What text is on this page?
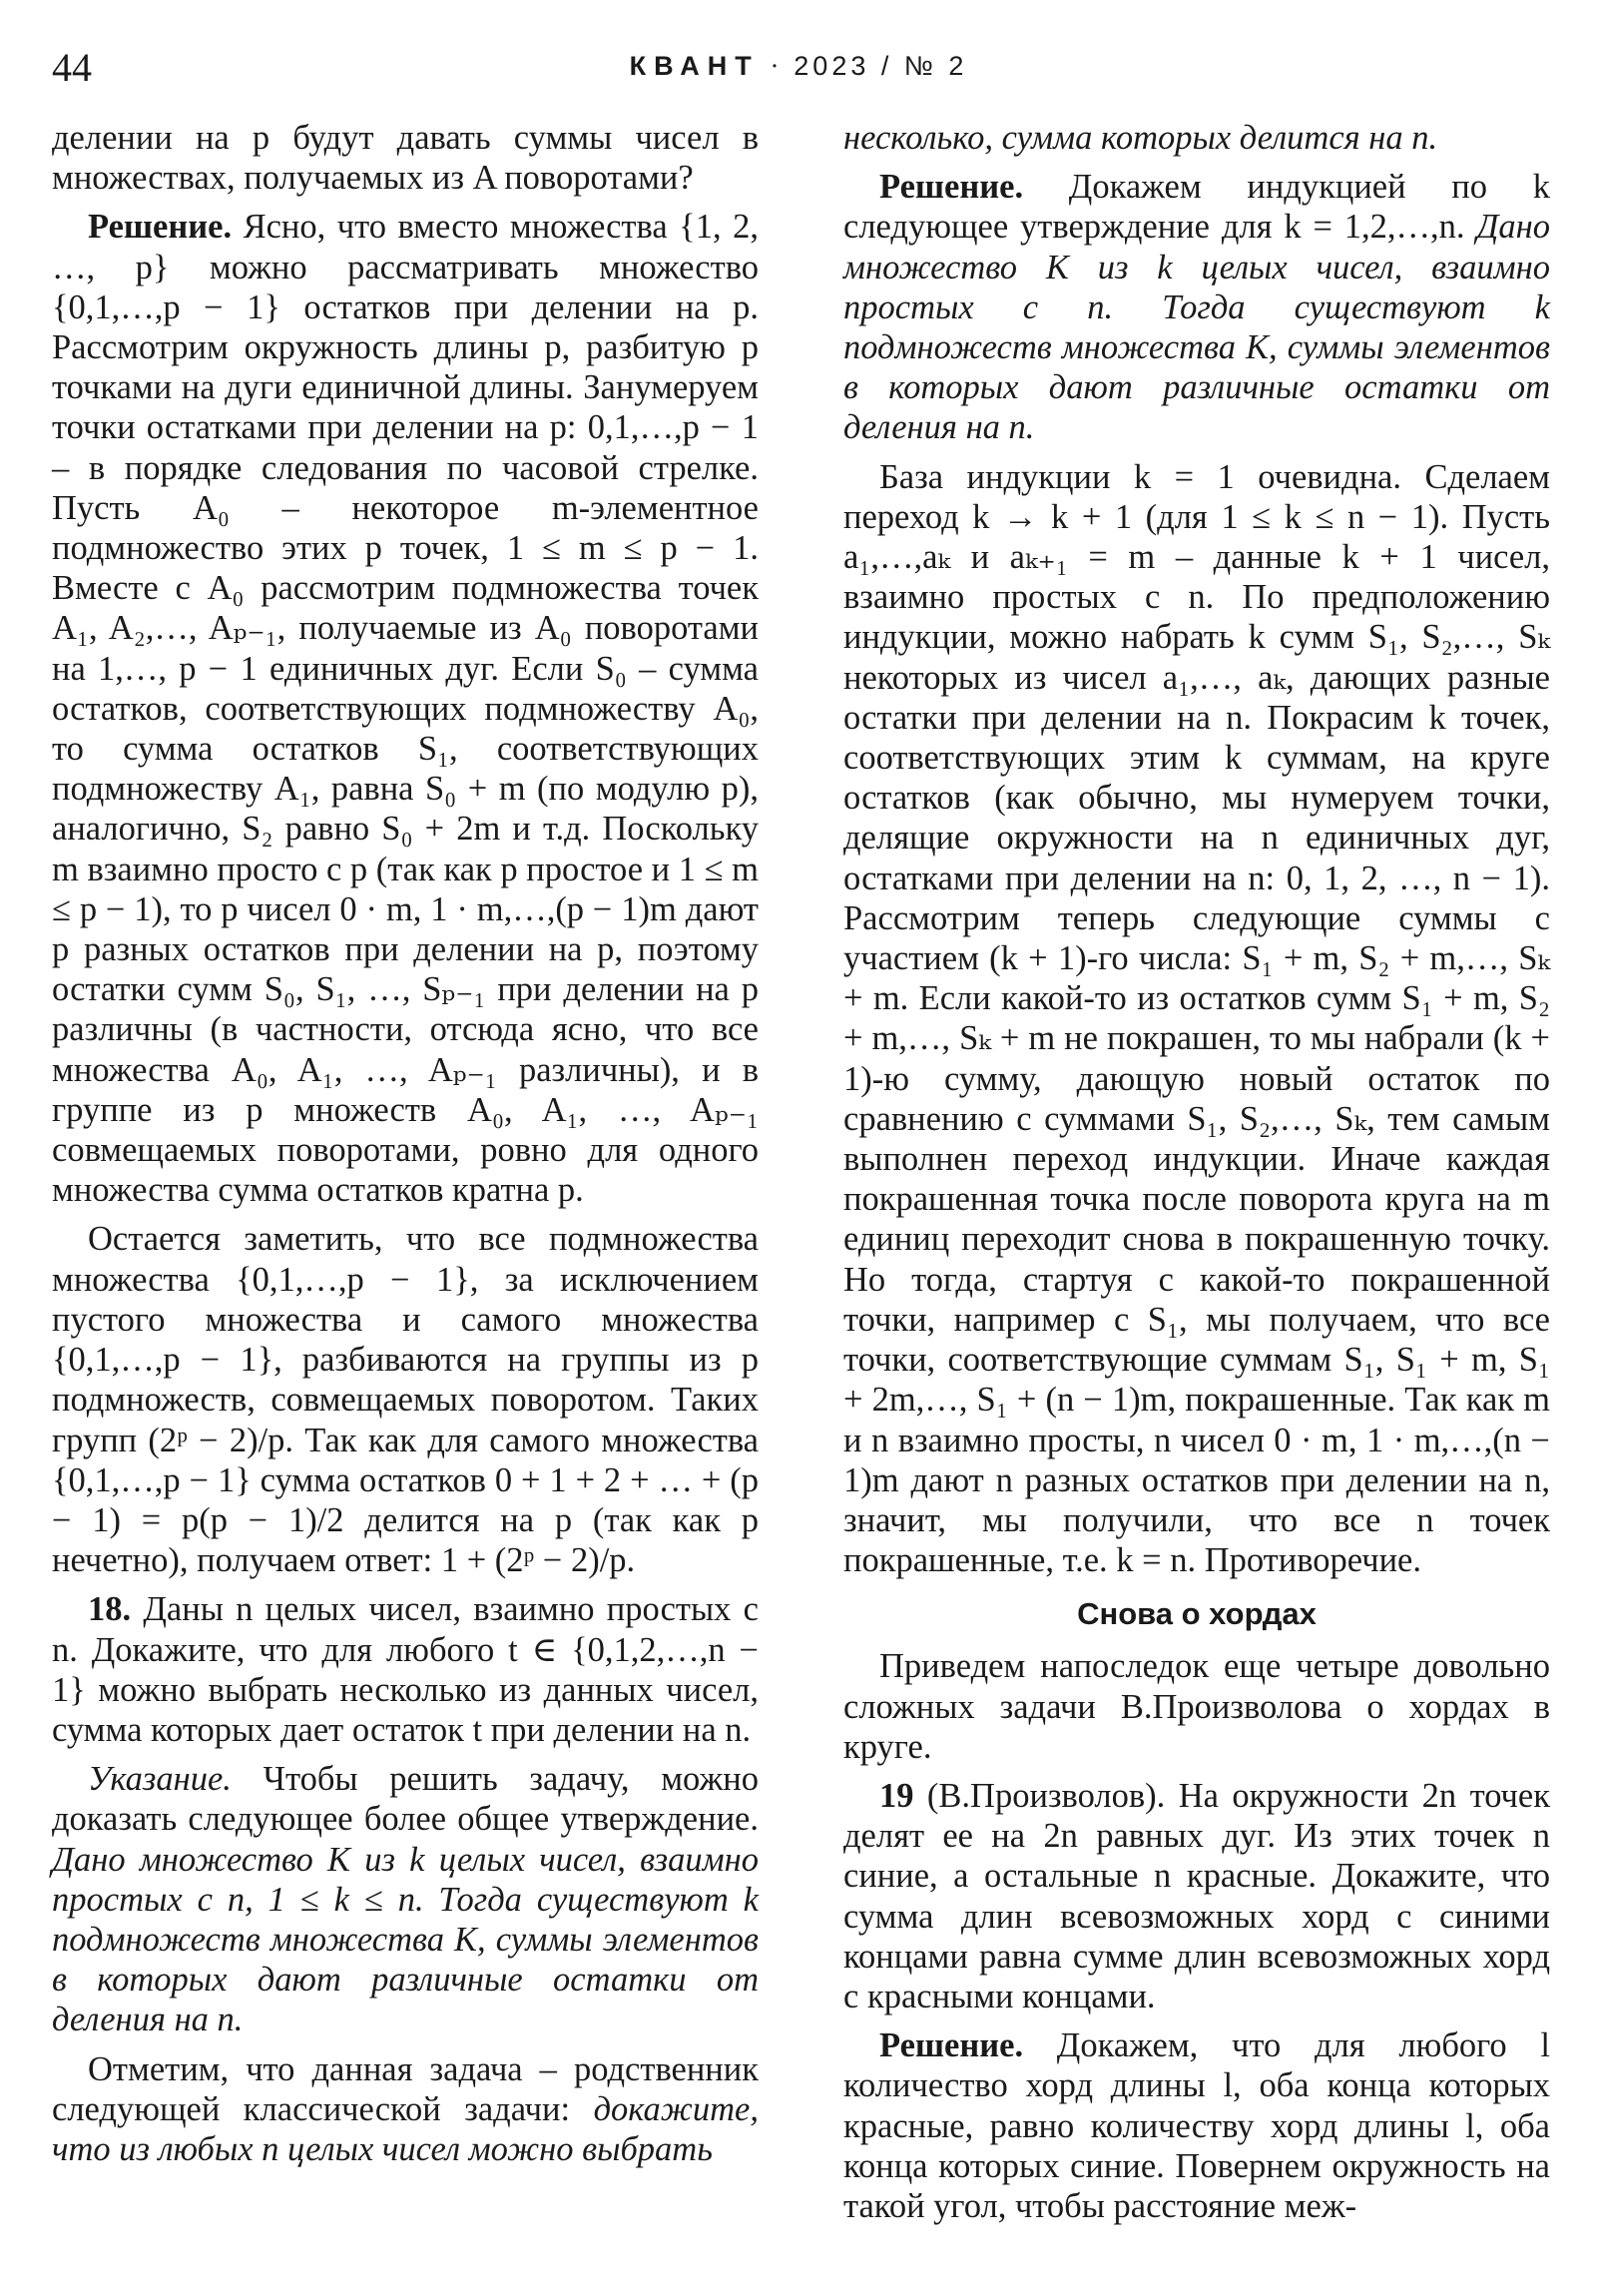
44	КВАНТ · 2023 / № 2

делении на p будут давать суммы чисел в множествах, получаемых из A поворотами?

Решение. Ясно, что вместо множества {1, 2, …, p} можно рассматривать множество {0,1,…,p − 1} остатков при делении на p. Рассмотрим окружность длины p, разбитую p точками на дуги единичной длины. Занумеруем точки остатками при делении на p: 0,1,…,p − 1 – в порядке следования по часовой стрелке. Пусть A₀ – некоторое m-элементное подмножество этих p точек, 1 ≤ m ≤ p − 1. Вместе с A₀ рассмотрим подмножества точек A₁, A₂,…, Aₚ₋₁, получаемые из A₀ поворотами на 1,…, p − 1 единичных дуг. Если S₀ – сумма остатков, соответствующих подмножеству A₀, то сумма остатков S₁, соответствующих подмножеству A₁, равна S₀ + m (по модулю p), аналогично, S₂ равно S₀ + 2m и т.д. Поскольку m взаимно просто с p (так как p простое и 1 ≤ m ≤ p − 1), то p чисел 0 · m, 1 · m,…,(p − 1)m дают p разных остатков при делении на p, поэтому остатки сумм S₀, S₁, …, Sₚ₋₁ при делении на p различны (в частности, отсюда ясно, что все множества A₀, A₁, …, Aₚ₋₁ различны), и в группе из p множеств A₀, A₁, …, Aₚ₋₁ совмещаемых поворотами, ровно для одного множества сумма остатков кратна p.

Остается заметить, что все подмножества множества {0,1,…,p − 1}, за исключением пустого множества и самого множества {0,1,…,p − 1}, разбиваются на группы из p подмножеств, совмещаемых поворотом. Таких групп (2ᵖ − 2)/p. Так как для самого множества {0,1,…,p − 1} сумма остатков 0 + 1 + 2 + … + (p − 1) = p(p − 1)/2 делится на p (так как p нечетно), получаем ответ: 1 + (2ᵖ − 2)/p.

18. Даны n целых чисел, взаимно простых с n. Докажите, что для любого t ∈ {0,1,2,…,n − 1} можно выбрать несколько из данных чисел, сумма которых дает остаток t при делении на n.

Указание. Чтобы решить задачу, можно доказать следующее более общее утверждение. Дано множество K из k целых чисел, взаимно простых с n, 1 ≤ k ≤ n. Тогда существуют k подмножеств множества K, суммы элементов в которых дают различные остатки от деления на n.

Отметим, что данная задача – родственник следующей классической задачи: докажите, что из любых n целых чисел можно выбрать

несколько, сумма которых делится на n.

Решение. Докажем индукцией по k следующее утверждение для k = 1,2,…,n. Дано множество K из k целых чисел, взаимно простых с n. Тогда существуют k подмножеств множества K, суммы элементов в которых дают различные остатки от деления на n.

База индукции k = 1 очевидна. Сделаем переход k → k + 1 (для 1 ≤ k ≤ n − 1). Пусть a₁,…,aₖ и aₖ₊₁ = m – данные k + 1 чисел, взаимно простых с n. По предположению индукции, можно набрать k сумм S₁, S₂,…, Sₖ некоторых из чисел a₁,…, aₖ, дающих разные остатки при делении на n. Покрасим k точек, соответствующих этим k суммам, на круге остатков (как обычно, мы нумеруем точки, делящие окружности на n единичных дуг, остатками при делении на n: 0, 1, 2, …, n − 1). Рассмотрим теперь следующие суммы с участием (k + 1)-го числа: S₁ + m, S₂ + m,…, Sₖ + m. Если какой-то из остатков сумм S₁ + m, S₂ + m,…, Sₖ + m не покрашен, то мы набрали (k + 1)-ю сумму, дающую новый остаток по сравнению с суммами S₁, S₂,…, Sₖ, тем самым выполнен переход индукции. Иначе каждая покрашенная точка после поворота круга на m единиц переходит снова в покрашенную точку. Но тогда, стартуя с какой-то покрашенной точки, например с S₁, мы получаем, что все точки, соответствующие суммам S₁, S₁ + m, S₁ + 2m,…, S₁ + (n − 1)m, покрашенные. Так как m и n взаимно просты, n чисел 0 · m, 1 · m,…,(n − 1)m дают n разных остатков при делении на n, значит, мы получили, что все n точек покрашенные, т.е. k = n. Противоречие.

Снова о хордах

Приведем напоследок еще четыре довольно сложных задачи В.Произволова о хордах в круге.

19 (В.Произволов). На окружности 2n точек делят ее на 2n равных дуг. Из этих точек n синие, а остальные n красные. Докажите, что сумма длин всевозможных хорд с синими концами равна сумме длин всевозможных хорд с красными концами.

Решение. Докажем, что для любого l количество хорд длины l, оба конца которых красные, равно количеству хорд длины l, оба конца которых синие. Повернем окружность на такой угол, чтобы расстояние меж-
